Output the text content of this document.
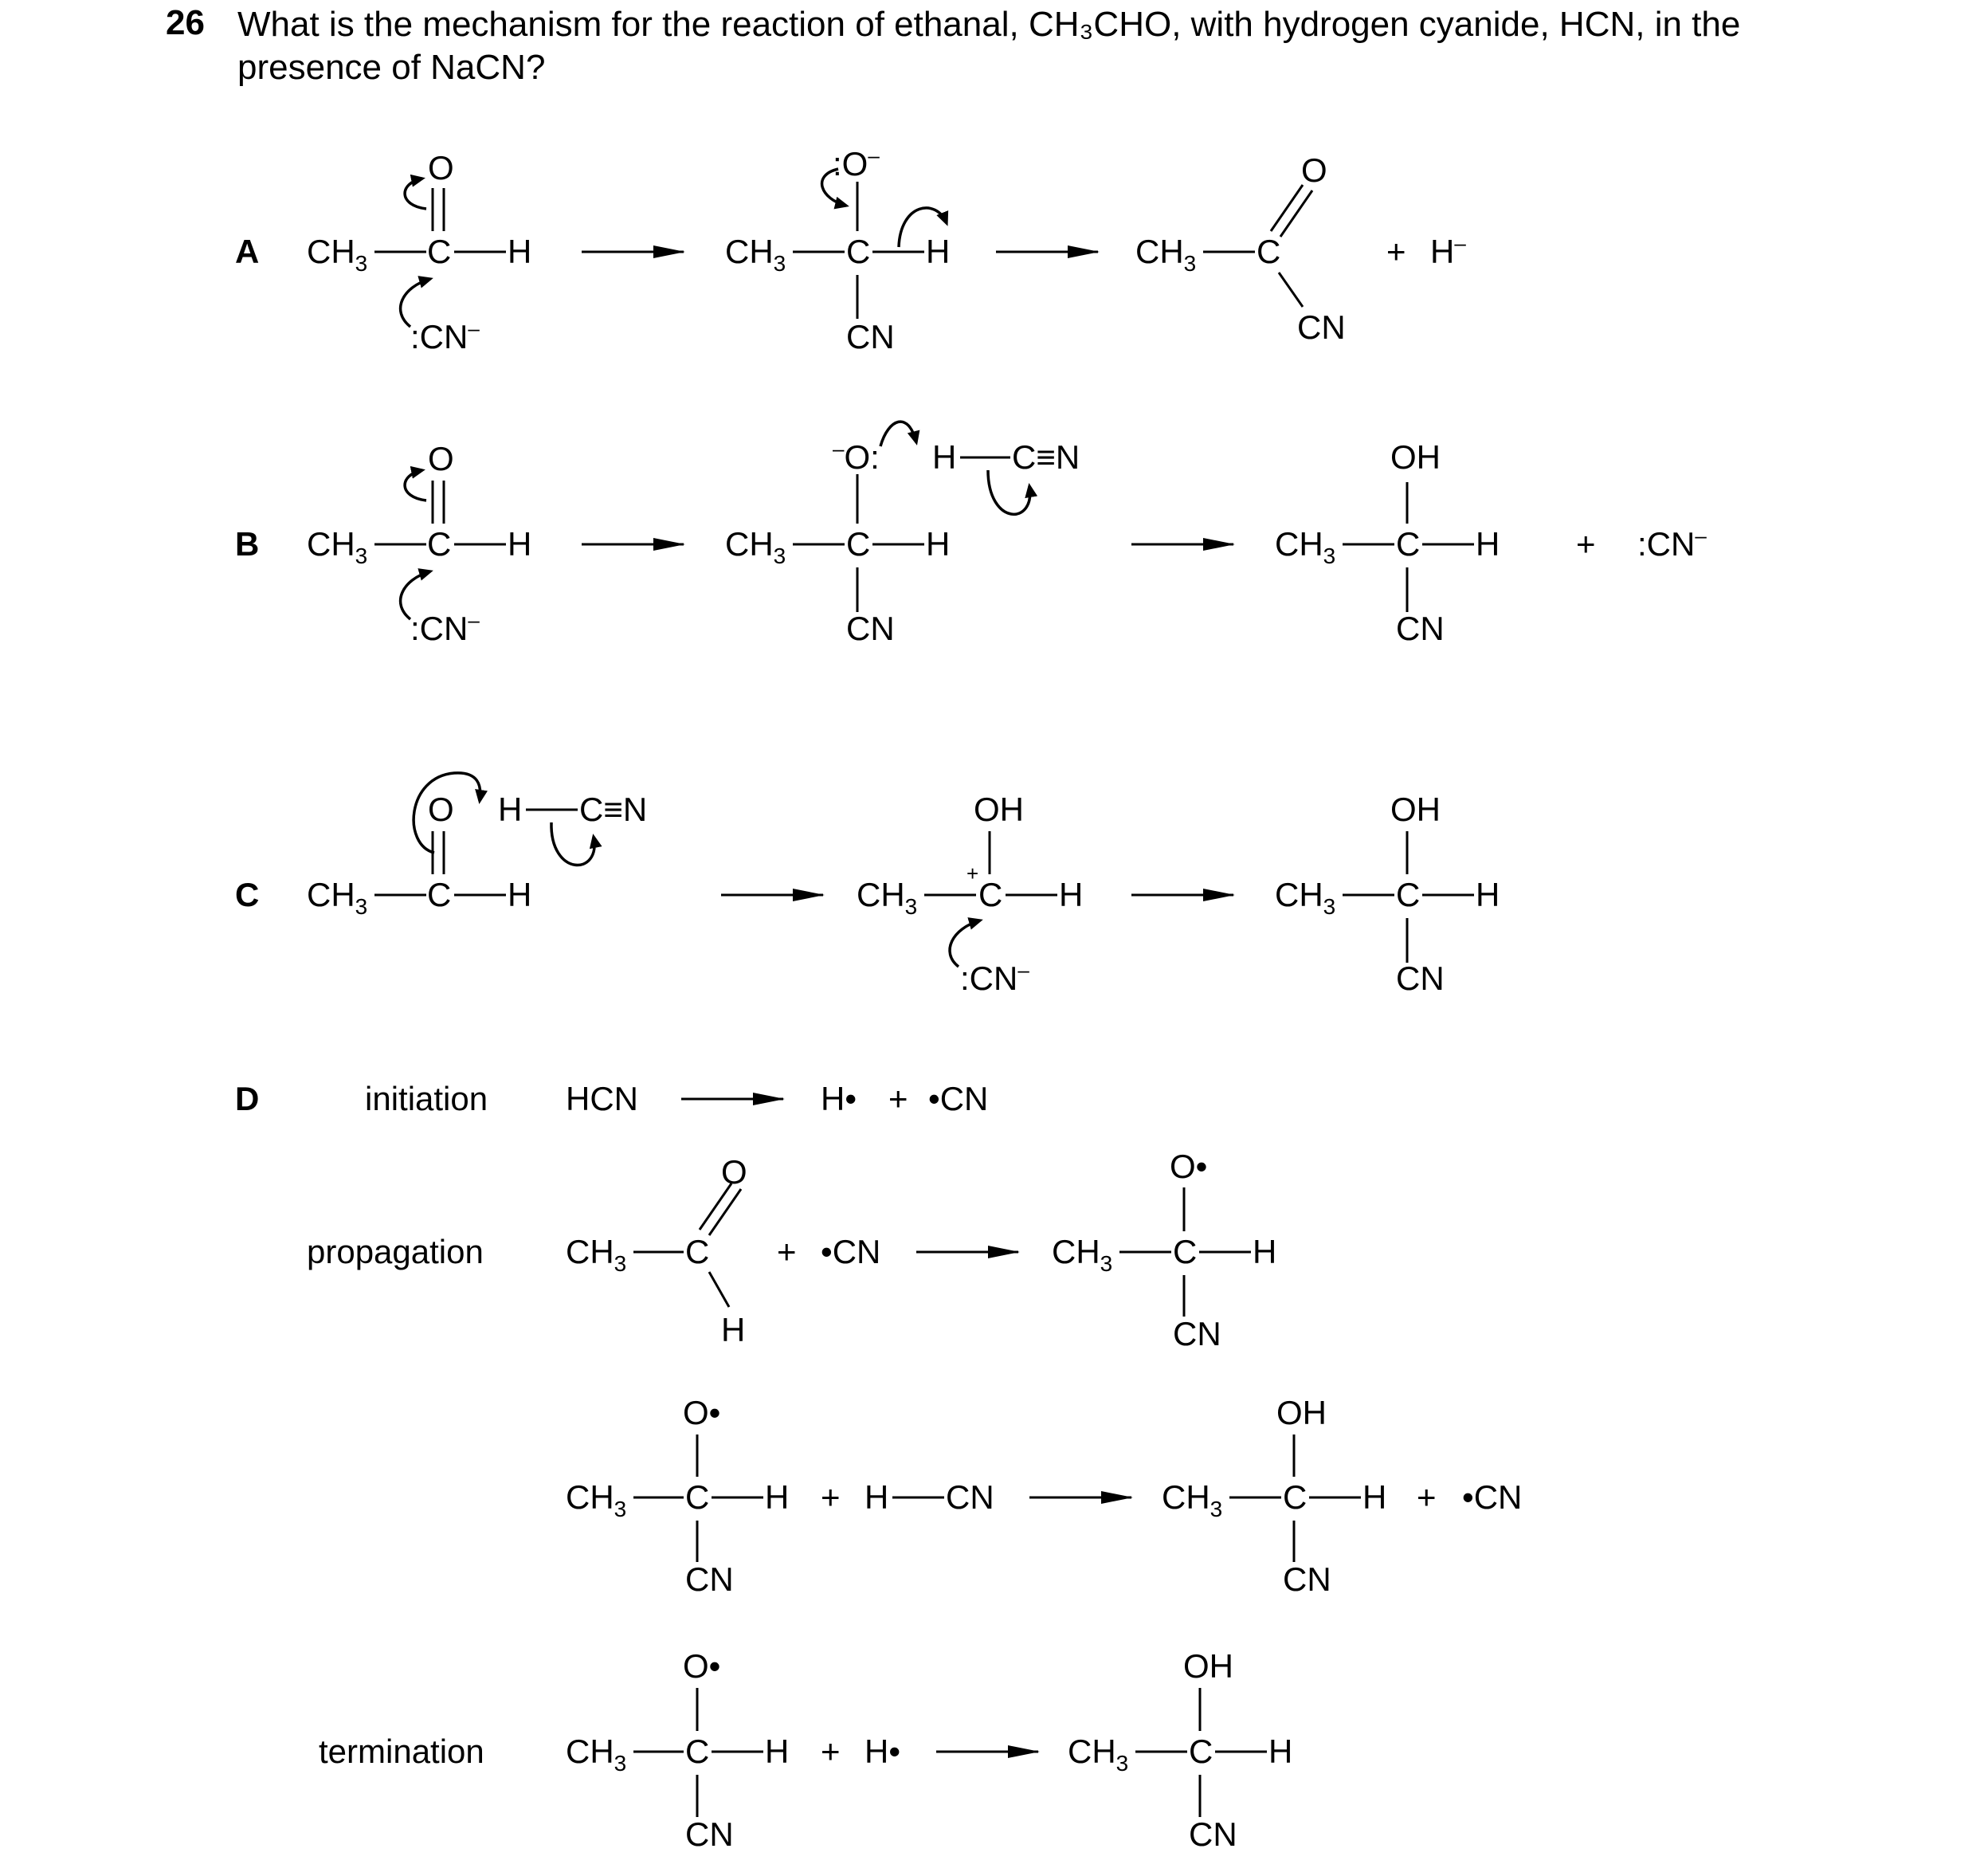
26 What is the mechanism for the reaction of ethanal, CH₃CHO, with hydrogen cyanide, HCN, in the
presence of NaCN?
A $CH_3$ C H
O
:CN–
$CH_3$ C H
:O–
CN
$CH_3$ C
O
CN
+ H–
B $CH_3$ C H
O
:CN–
$CH_3$ C H
–O: H C≡N
CN
$CH_3$ C H
OH
CN
+ :CN–
C $CH_3$ C H
O H C≡N
$CH_3$
+
C H
OH
:CN–
$CH_3$ C H
OH
CN
D	initiation HCN	H• + •CN
propagation $CH_3$ C
O
H
+ •CN	$CH_3$ C H
O•
CN
$CH_3$ C H
O•
CN
+ H CN	$CH_3$ C H
OH
CN
+ •CN
termination $CH_3$ C H
O•
CN
+ H•	$CH_3$ C H
OH
CN
